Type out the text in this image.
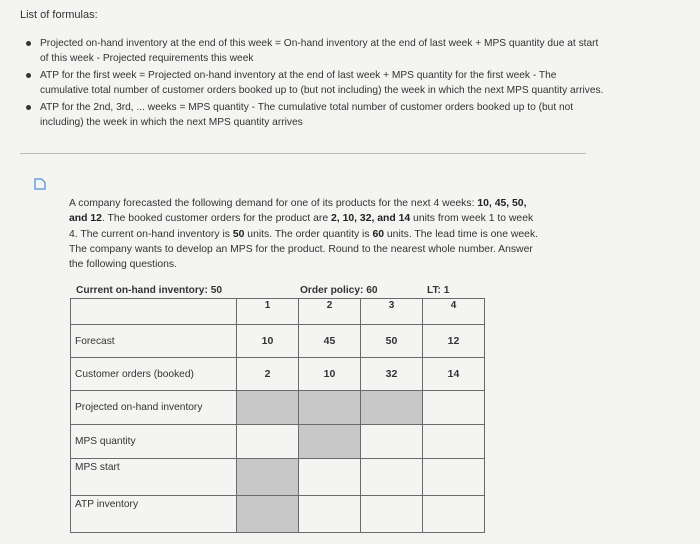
List of formulas:
Projected on-hand inventory at the end of this week = On-hand inventory at the end of last week + MPS quantity due at start of this week - Projected requirements this week
ATP for the first week = Projected on-hand inventory at the end of last week + MPS quantity for the first week - The cumulative total number of customer orders booked up to (but not including) the week in which the next MPS quantity arrives.
ATP for the 2nd, 3rd, ... weeks = MPS quantity - The cumulative total number of customer orders booked up to (but not including) the week in which the next MPS quantity arrives
A company forecasted the following demand for one of its products for the next 4 weeks: 10, 45, 50, and 12. The booked customer orders for the product are 2, 10, 32, and 14 units from week 1 to week 4. The current on-hand inventory is 50 units. The order quantity is 60 units. The lead time is one week. The company wants to develop an MPS for the product. Round to the nearest whole number. Answer the following questions.
Current on-hand inventory: 50	Order policy: 60	LT: 1
	1	2	3	4
Forecast	10	45	50	12
Customer orders (booked)	2	10	32	14
Projected on-hand inventory				
MPS quantity				
MPS start				
ATP inventory				
